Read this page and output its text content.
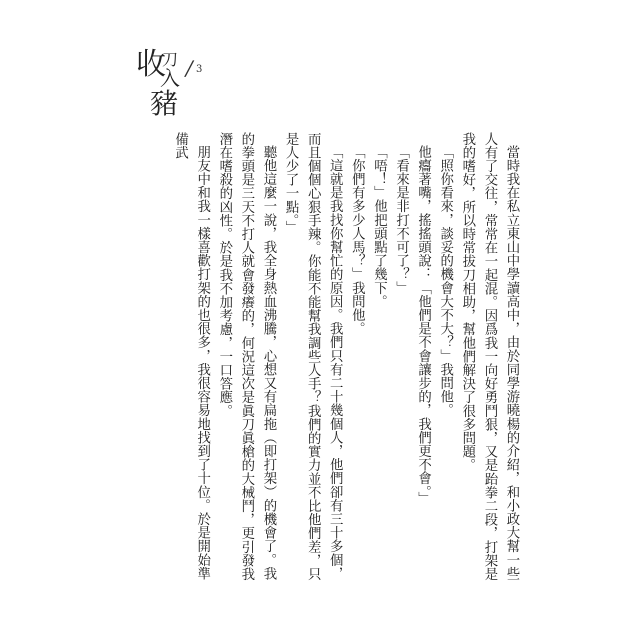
收
刀
入
豬
/ 3

當時我在私立東山中學讀高中，由於同學游曉楊的介紹，和小政大幫一些人有了交往，常常在一起混。因爲我一向好勇鬥狠，又是跆拳二段，打架是我的嗜好，所以時常拔刀相助，幫他們解決了很多問題。

「照你看來，談妥的機會大不大？」我問他。

他癟著嘴，搖搖頭說：「他們是不會讓步的，我們更不會。」

「看來是非打不可了？」

「唔！」他把頭點了幾下。

「你們有多少人馬？」我問他。

「這就是我找你幫忙的原因。我們只有二十幾個人，他們卻有三十多個，而且個個心狠手辣。你能不能幫我調些人手？我們的實力並不比他們差，只是人少了一點。」

聽他這麼一說，我全身熱血沸騰，心想又有扁拖（即打架）的機會了。我的拳頭是三天不打人就會發癢的，何況這次是眞刀眞槍的大械鬥，更引發我潛在嗜殺的凶性。於是我不加考慮，一口答應。

朋友中和我一樣喜歡打架的也很多，我很容易地找到了十位。於是開始準備武
